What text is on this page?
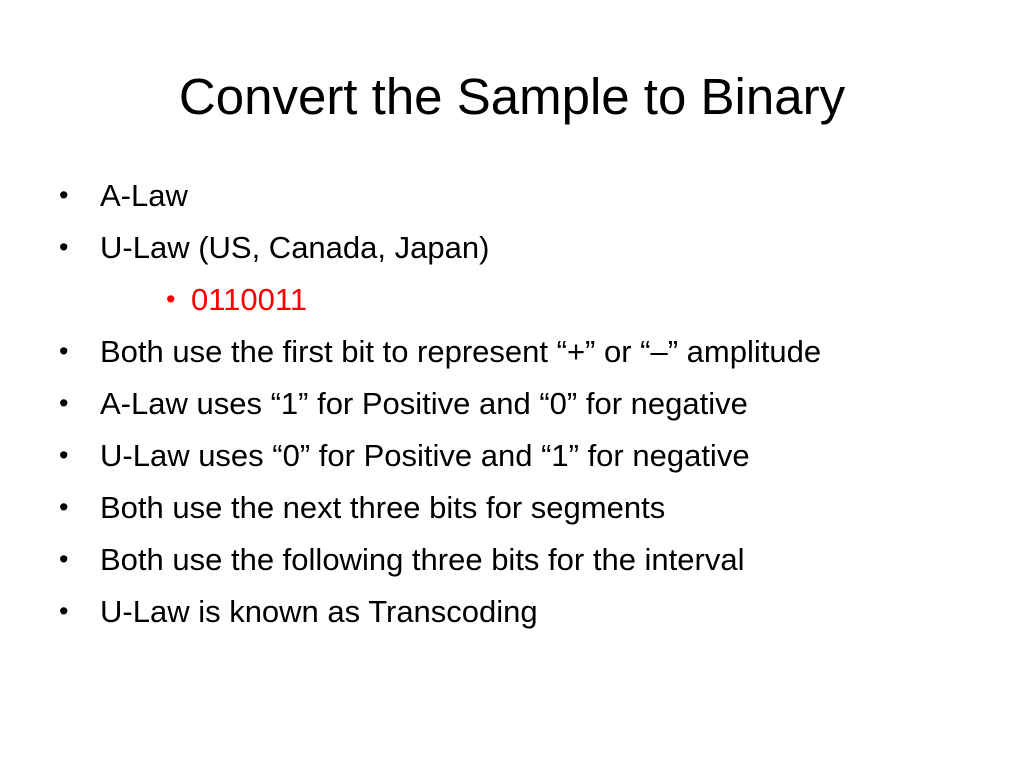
Convert the Sample to Binary
• A-Law
• U-Law (US, Canada, Japan)
• 0110011
• Both use the first bit to represent “+” or “–” amplitude
• A-Law uses “1” for Positive and “0” for negative
• U-Law uses “0” for Positive and “1” for negative
• Both use the next three bits for segments
• Both use the following three bits for the interval
• U-Law is known as Transcoding
